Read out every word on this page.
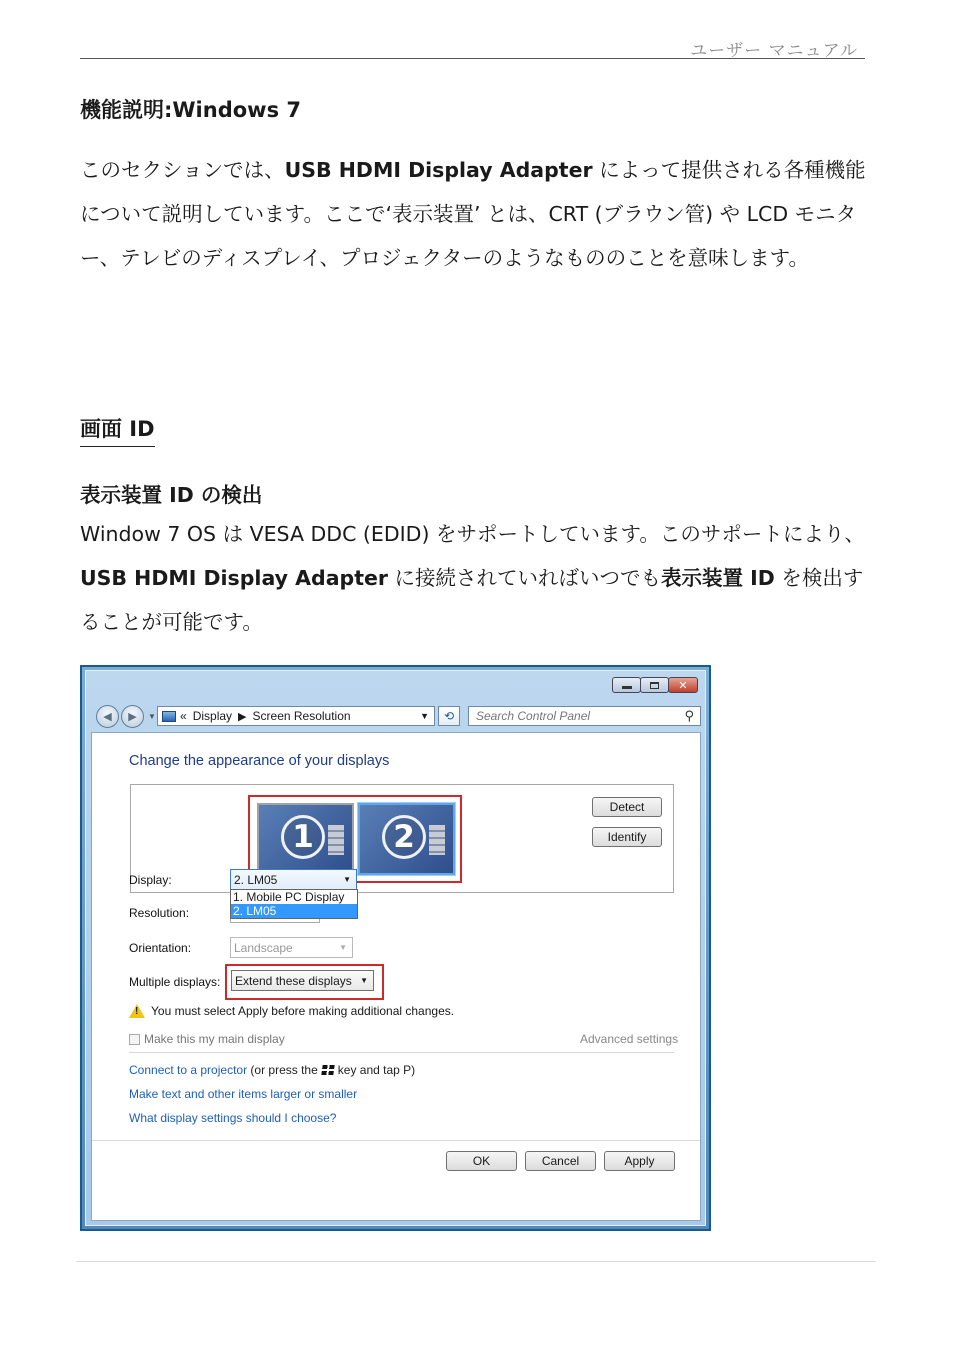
ユーザー マニュアル
機能説明:Windows 7

このセクションでは、USB HDMI Display Adapter によって提供される各種機能について説明しています。ここで‘表示装置’ とは、CRT (ブラウン管) や LCD モニター、テレビのディスプレイ、プロジェクターのようなもののことを意味します。

画面 ID
表示装置 ID の検出

Window 7 OS は VESA DDC (EDID) をサポートしています。このサポートにより、USB HDMI Display Adapter に接続されていればいつでも表示装置 ID を検出することが可能です。

✕
◀ ▶ ▼ « Display ▶ Screen Resolution	▼ ⟲ Search Control Panel	⚲
Change the appearance of your displays
1	2
Detect
Identify
Display:	2. LM05	▼
1. Mobile PC Display
2. LM05
Resolution:
Orientation:	Landscape	▼
Multiple displays: Extend these displays ▼
! You must select Apply before making additional changes.
Make this my main display	Advanced settings
Connect to a projector (or press the key and tap P)
Make text and other items larger or smaller
What display settings should I choose?
OK	Cancel	Apply
